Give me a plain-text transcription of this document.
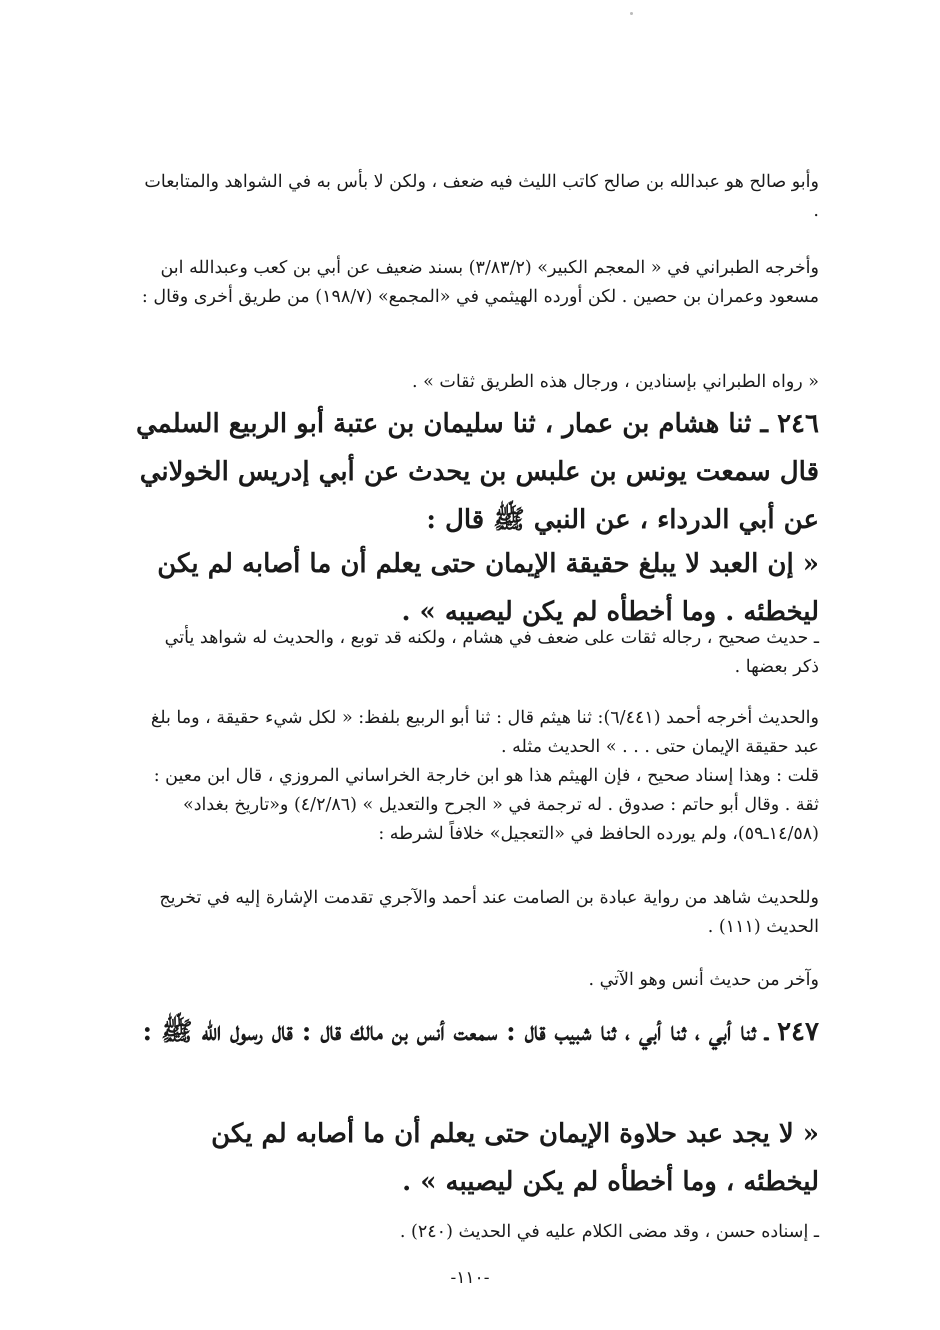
وأبو صالح هو عبدالله بن صالح كاتب الليث فيه ضعف ، ولكن لا بأس به في الشواهد والمتابعات .

وأخرجه الطبراني في « المعجم الكبير» (٣/٨٣/٢) بسند ضعيف عن أبي بن كعب وعبدالله ابن مسعود وعمران بن حصين . لكن أورده الهيثمي في «المجمع» (١٩٨/٧) من طريق أخرى وقال :

« رواه الطبراني بإسنادين ، ورجال هذه الطريق ثقات » .

٢٤٦ ـ ثنا هشام بن عمار ، ثنا سليمان بن عتبة أبو الربيع السلمي قال سمعت يونس بن علبس بن يحدث عن أبي إدريس الخولاني عن أبي الدرداء ، عن النبي ﷺ قال :

« إن العبد لا يبلغ حقيقة الإيمان حتى يعلم أن ما أصابه لم يكن ليخطئه . وما أخطأه لم يكن ليصيبه » .

ـ حديث صحيح ، رجاله ثقات على ضعف في هشام ، ولكنه قد توبع ، والحديث له شواهد يأتي ذكر بعضها .

والحديث أخرجه أحمد (٦/٤٤١): ثنا هيثم قال : ثنا أبو الربيع بلفظ: « لكل شيء حقيقة ، وما بلغ عبد حقيقة الإيمان حتى . . . » الحديث مثله .

قلت : وهذا إسناد صحيح ، فإن الهيثم هذا هو ابن خارجة الخراساني المروزي ، قال ابن معين : ثقة . وقال أبو حاتم : صدوق . له ترجمة في « الجرح والتعديل » (٤/٢/٨٦) و«تاريخ بغداد» (١٤/٥٨ـ٥٩)، ولم يورده الحافظ في «التعجيل» خلافاً لشرطه :

وللحديث شاهد من رواية عبادة بن الصامت عند أحمد والآجري تقدمت الإشارة إليه في تخريج الحديث (١١١) .

وآخر من حديث أنس وهو الآتي .

٢٤٧ ـ ثنا أبي ، ثنا أبي ، ثنا شبيب قال : سمعت أنس بن مالك قال : قال رسول الله ﷺ :

« لا يجد عبد حلاوة الإيمان حتى يعلم أن ما أصابه لم يكن ليخطئه ، وما أخطأه لم يكن ليصيبه » .

ـ إسناده حسن ، وقد مضى الكلام عليه في الحديث (٢٤٠) .

-١١٠-
